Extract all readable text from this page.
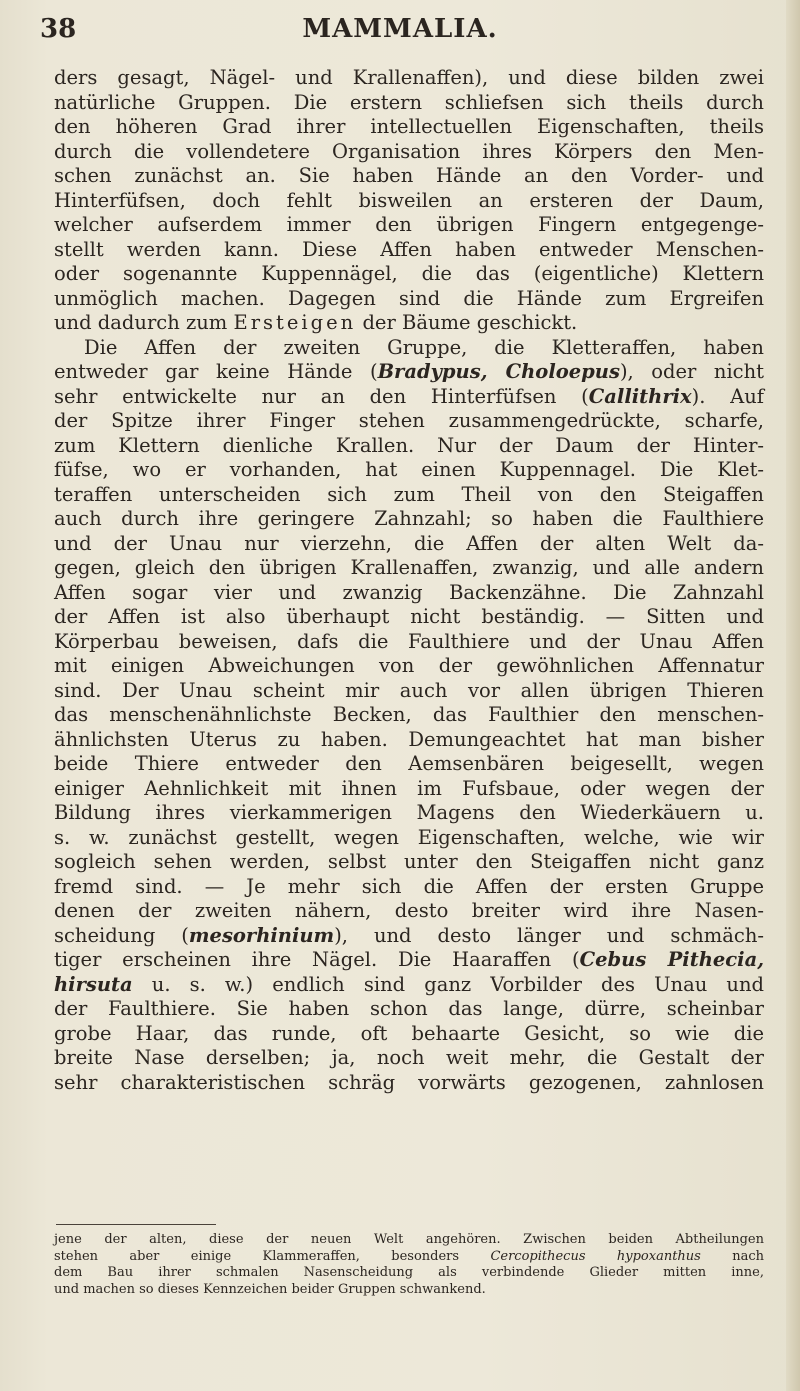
38	MAMMALIA.

ders gesagt, Nägel- und Krallenaffen), und diese bilden zwei
natürliche Gruppen. Die erstern schliefsen sich theils durch
den höheren Grad ihrer intellectuellen Eigenschaften, theils
durch die vollendetere Organisation ihres Körpers den Men-
schen zunächst an. Sie haben Hände an den Vorder- und
Hinterfüfsen, doch fehlt bisweilen an ersteren der Daum,
welcher aufserdem immer den übrigen Fingern entgegenge-
stellt werden kann. Diese Affen haben entweder Menschen-
oder sogenannte Kuppennägel, die das (eigentliche) Klettern
unmöglich machen. Dagegen sind die Hände zum Ergreifen
und dadurch zum Ersteigen der Bäume geschickt.

Die Affen der zweiten Gruppe, die Kletteraffen, haben
entweder gar keine Hände (Bradypus, Choloepus), oder nicht
sehr entwickelte nur an den Hinterfüfsen (Callithrix). Auf
der Spitze ihrer Finger stehen zusammengedrückte, scharfe,
zum Klettern dienliche Krallen. Nur der Daum der Hinter-
füfse, wo er vorhanden, hat einen Kuppennagel. Die Klet-
teraffen unterscheiden sich zum Theil von den Steigaffen
auch durch ihre geringere Zahnzahl; so haben die Faulthiere
und der Unau nur vierzehn, die Affen der alten Welt da-
gegen, gleich den übrigen Krallenaffen, zwanzig, und alle andern
Affen sogar vier und zwanzig Backenzähne. Die Zahnzahl
der Affen ist also überhaupt nicht beständig. — Sitten und
Körperbau beweisen, dafs die Faulthiere und der Unau Affen
mit einigen Abweichungen von der gewöhnlichen Affennatur
sind. Der Unau scheint mir auch vor allen übrigen Thieren
das menschenähnlichste Becken, das Faulthier den menschen-
ähnlichsten Uterus zu haben. Demungeachtet hat man bisher
beide Thiere entweder den Aemsenbären beigesellt, wegen
einiger Aehnlichkeit mit ihnen im Fufsbaue, oder wegen der
Bildung ihres vierkammerigen Magens den Wiederkäuern u.
s. w. zunächst gestellt, wegen Eigenschaften, welche, wie wir
sogleich sehen werden, selbst unter den Steigaffen nicht ganz
fremd sind. — Je mehr sich die Affen der ersten Gruppe
denen der zweiten nähern, desto breiter wird ihre Nasen-
scheidung (mesorhinium), und desto länger und schmäch-
tiger erscheinen ihre Nägel. Die Haaraffen (Cebus Pithecia,
hirsuta u. s. w.) endlich sind ganz Vorbilder des Unau und
der Faulthiere. Sie haben schon das lange, dürre, scheinbar
grobe Haar, das runde, oft behaarte Gesicht, so wie die
breite Nase derselben; ja, noch weit mehr, die Gestalt der
sehr charakteristischen schräg vorwärts gezogenen, zahnlosen

jene der alten, diese der neuen Welt angehören. Zwischen beiden Abtheilungen
stehen aber einige Klammeraffen, besonders Cercopithecus hypoxanthus nach
dem Bau ihrer schmalen Nasenscheidung als verbindende Glieder mitten inne,
und machen so dieses Kennzeichen beider Gruppen schwankend.
